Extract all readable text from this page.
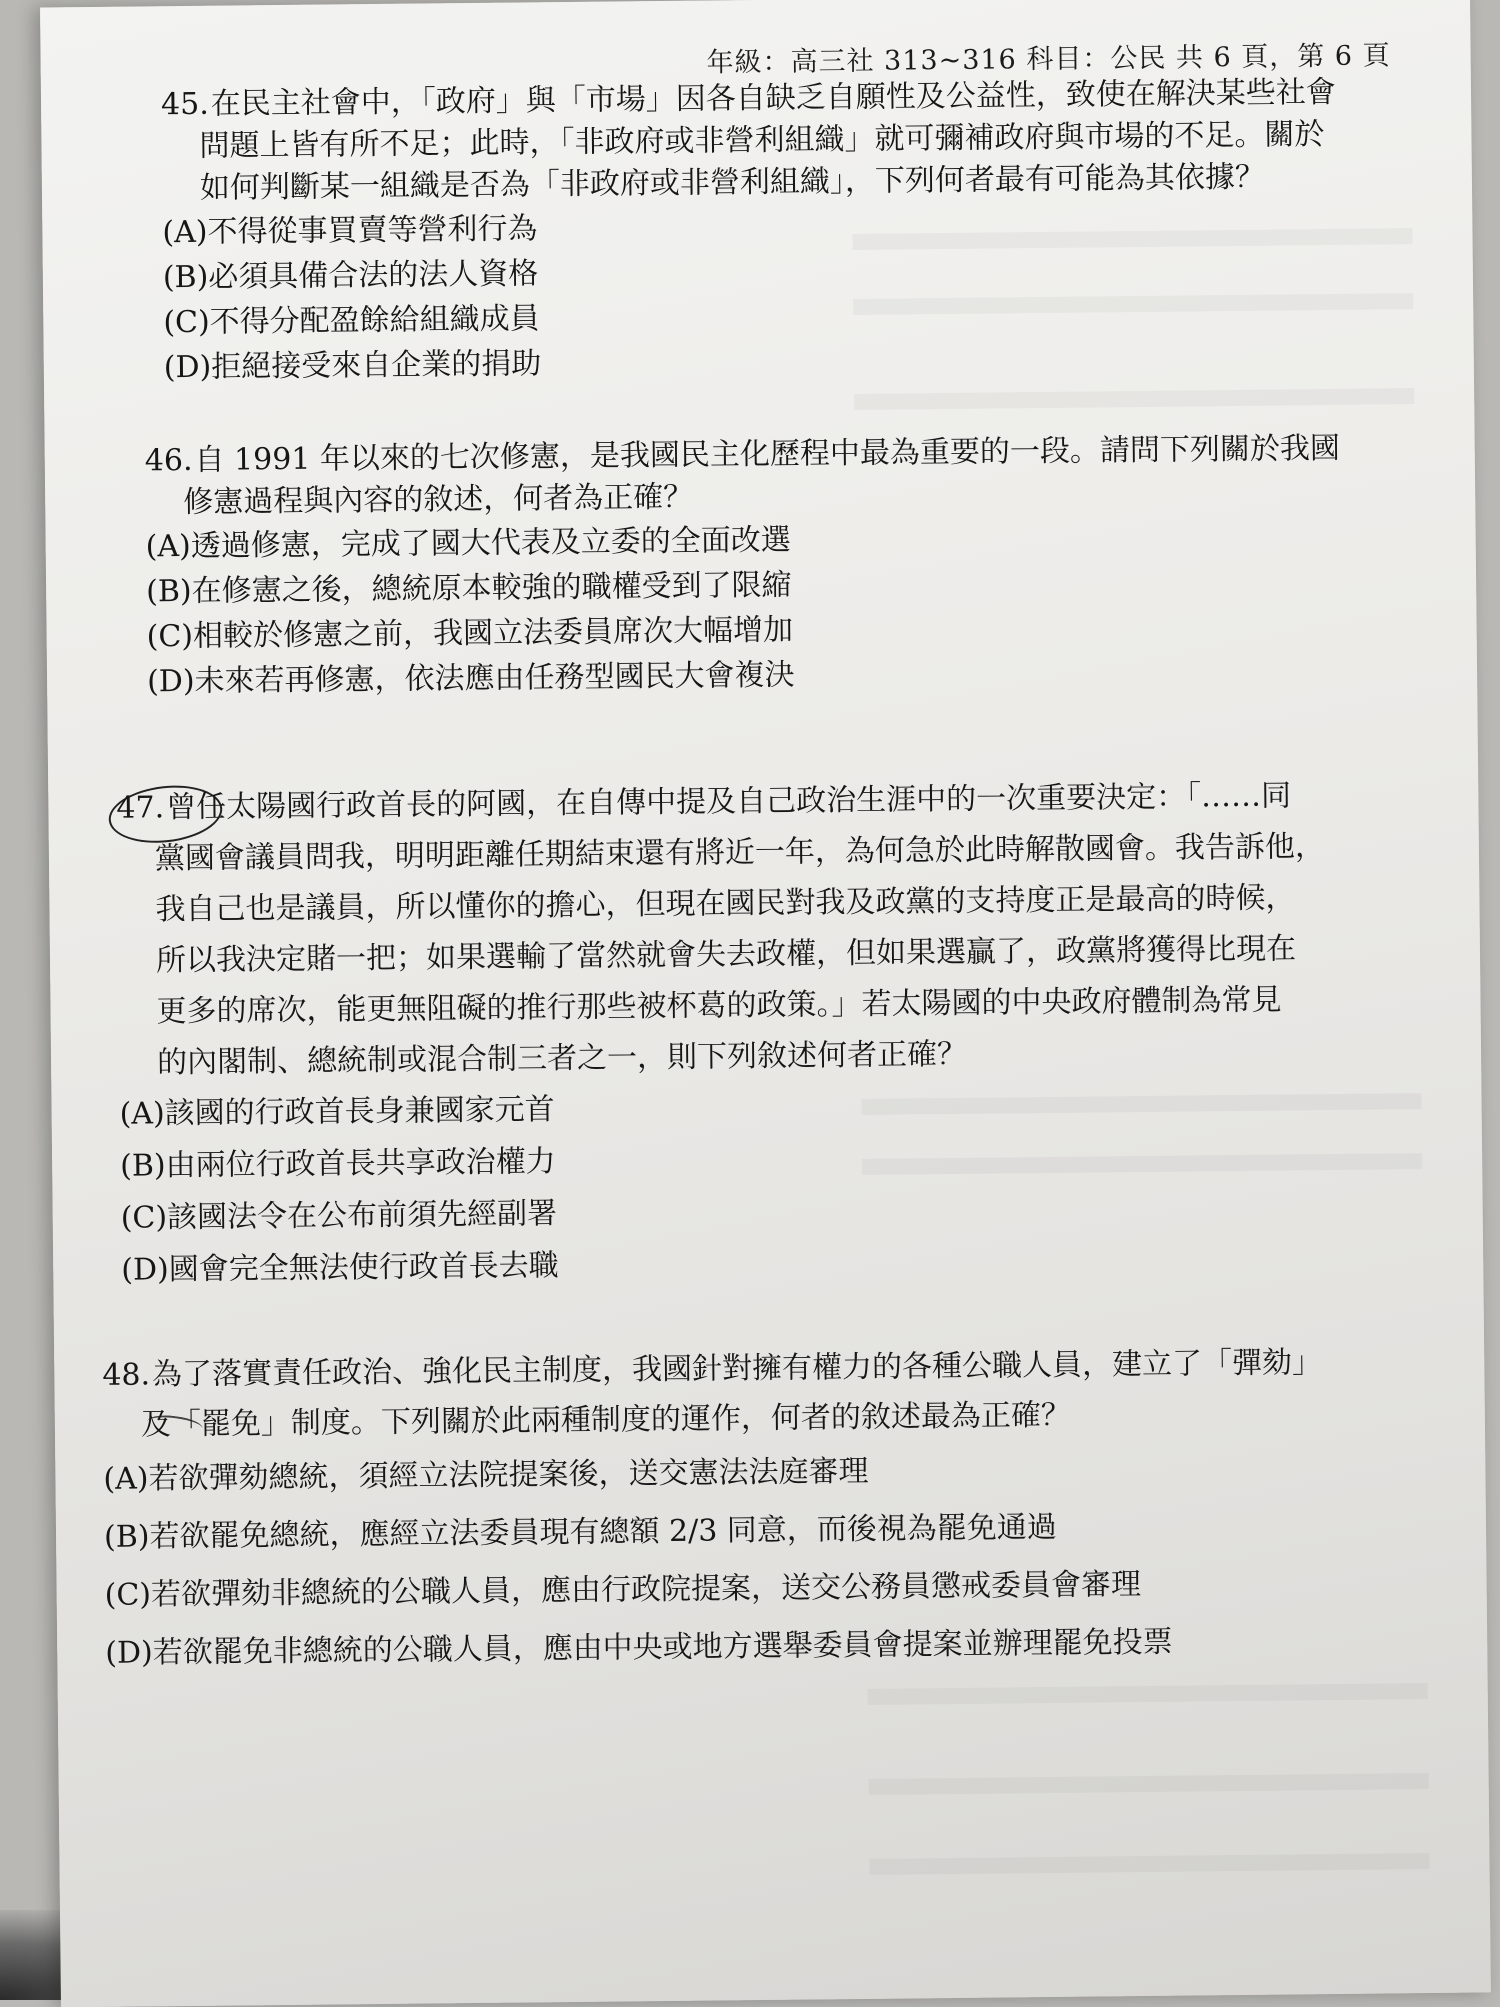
年級：高三社 313~316 科目：公民 共 6 頁，第 6 頁
45.在民主社會中，「政府」與「市場」因各自缺乏自願性及公益性，致使在解決某些社會
問題上皆有所不足；此時，「非政府或非營利組織」就可彌補政府與市場的不足。關於
如何判斷某一組織是否為「非政府或非營利組織」，下列何者最有可能為其依據？
(A)不得從事買賣等營利行為
(B)必須具備合法的法人資格
(C)不得分配盈餘給組織成員
(D)拒絕接受來自企業的捐助
46.自 1991 年以來的七次修憲，是我國民主化歷程中最為重要的一段。請問下列關於我國
修憲過程與內容的敘述，何者為正確？
(A)透過修憲，完成了國大代表及立委的全面改選
(B)在修憲之後，總統原本較強的職權受到了限縮
(C)相較於修憲之前，我國立法委員席次大幅增加
(D)未來若再修憲，依法應由任務型國民大會複決
47.曾任太陽國行政首長的阿國，在自傳中提及自己政治生涯中的一次重要決定：「……同
黨國會議員問我，明明距離任期結束還有將近一年，為何急於此時解散國會。我告訴他，
我自己也是議員，所以懂你的擔心，但現在國民對我及政黨的支持度正是最高的時候，
所以我決定賭一把；如果選輸了當然就會失去政權，但如果選贏了，政黨將獲得比現在
更多的席次，能更無阻礙的推行那些被杯葛的政策。」若太陽國的中央政府體制為常見
的內閣制、總統制或混合制三者之一，則下列敘述何者正確？
(A)該國的行政首長身兼國家元首
(B)由兩位行政首長共享政治權力
(C)該國法令在公布前須先經副署
(D)國會完全無法使行政首長去職
48.為了落實責任政治、強化民主制度，我國針對擁有權力的各種公職人員，建立了「彈劾」
及「罷免」制度。下列關於此兩種制度的運作，何者的敘述最為正確？
(A)若欲彈劾總統，須經立法院提案後，送交憲法法庭審理
(B)若欲罷免總統，應經立法委員現有總額 2/3 同意，而後視為罷免通過
(C)若欲彈劾非總統的公職人員，應由行政院提案，送交公務員懲戒委員會審理
(D)若欲罷免非總統的公職人員，應由中央或地方選舉委員會提案並辦理罷免投票
